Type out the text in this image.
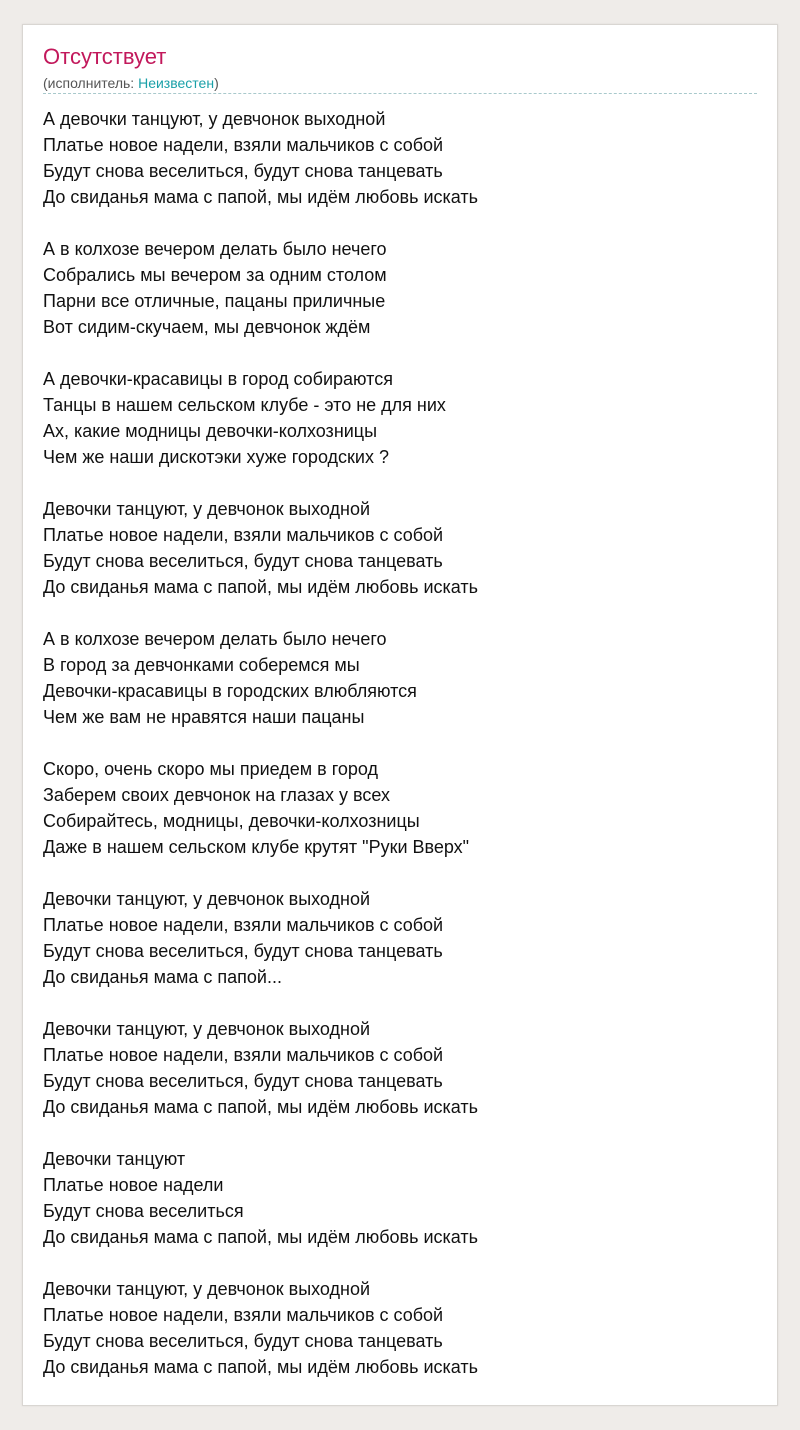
Отсутствует
(исполнитель: Неизвестен)
А девочки танцуют, у девчонок выходной
Платье новое надели, взяли мальчиков с собой
Будут снова веселиться, будут снова танцевать
До свиданья мама с папой, мы идём любовь искать
А в колхозе вечером делать было нечего
Собрались мы вечером за одним столом
Парни все отличные, пацаны приличные
Вот сидим-скучаем, мы девчонок ждём
А девочки-красавицы в город собираются
Танцы в нашем сельском клубе - это не для них
Ах, какие модницы девочки-колхозницы
Чем же наши дискотэки хуже городских ?
Девочки танцуют, у девчонок выходной
Платье новое надели, взяли мальчиков с собой
Будут снова веселиться, будут снова танцевать
До свиданья мама с папой, мы идём любовь искать
А в колхозе вечером делать было нечего
В город за девчонками соберемся мы
Девочки-красавицы в городских влюбляются
Чем же вам не нравятся наши пацаны
Скоро, очень скоро мы приедем в город
Заберем своих девчонок на глазах у всех
Собирайтесь, модницы, девочки-колхозницы
Даже в нашем сельском клубе крутят "Руки Вверх"
Девочки танцуют, у девчонок выходной
Платье новое надели, взяли мальчиков с собой
Будут снова веселиться, будут снова танцевать
До свиданья мама с папой...
Девочки танцуют, у девчонок выходной
Платье новое надели, взяли мальчиков с собой
Будут снова веселиться, будут снова танцевать
До свиданья мама с папой, мы идём любовь искать
Девочки танцуют
Платье новое надели
Будут снова веселиться
До свиданья мама с папой, мы идём любовь искать
Девочки танцуют, у девчонок выходной
Платье новое надели, взяли мальчиков с собой
Будут снова веселиться, будут снова танцевать
До свиданья мама с папой, мы идём любовь искать
